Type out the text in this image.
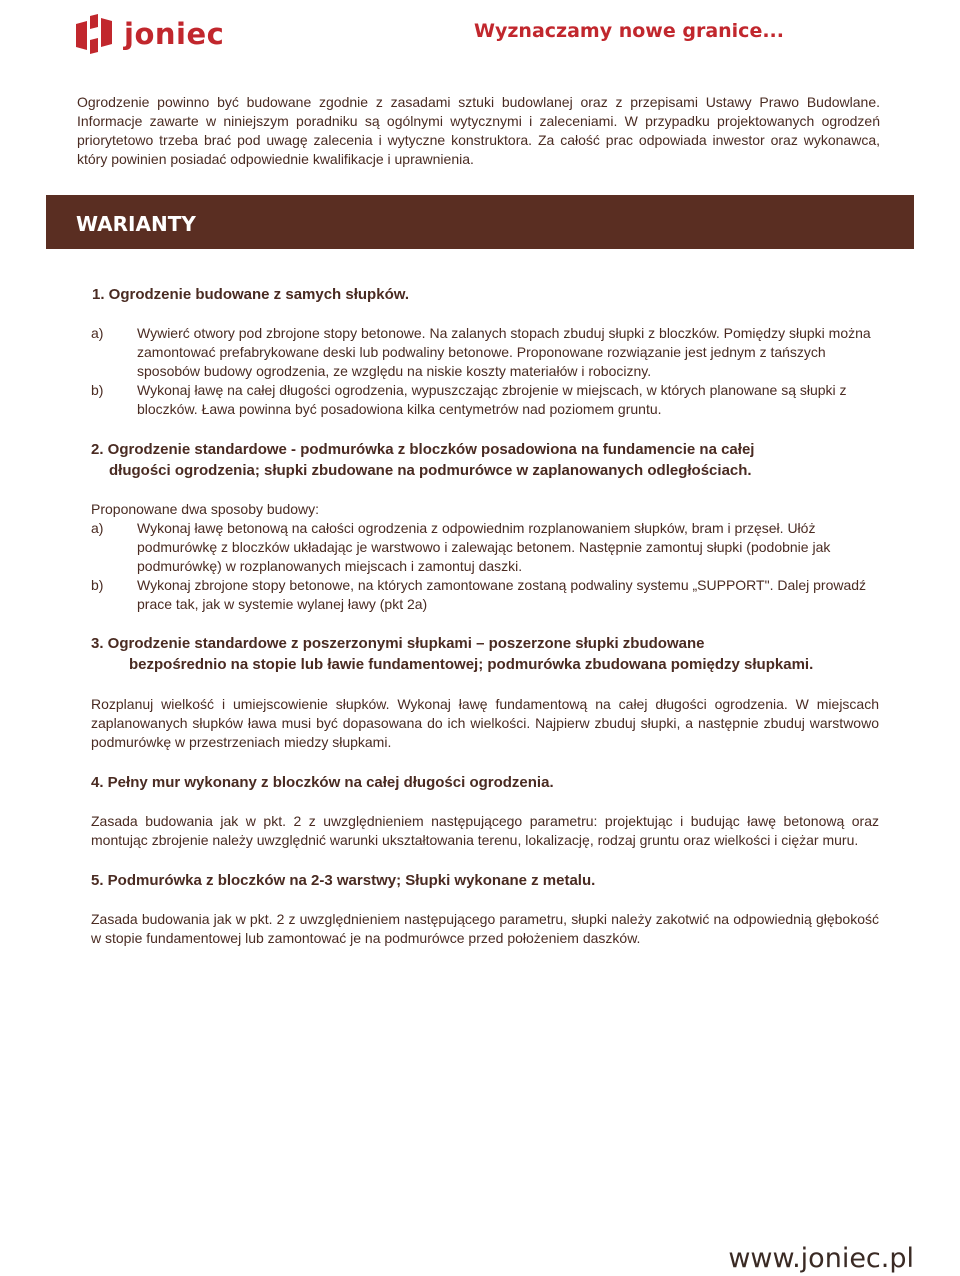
joniec	Wyznaczamy nowe granice...

Ogrodzenie powinno być budowane zgodnie z zasadami sztuki budowlanej oraz z przepisami Ustawy Prawo Budowlane. Informacje zawarte w niniejszym poradniku są ogólnymi wytycznymi i zaleceniami. W przypadku projektowanych ogrodzeń priorytetowo trzeba brać pod uwagę zalecenia i wytyczne konstruktora. Za całość prac odpowiada inwestor oraz wykonawca, który powinien posiadać odpowiednie kwalifikacje i uprawnienia.

WARIANTY
1. Ogrodzenie budowane z samych słupków.
a)	Wywierć otwory pod zbrojone stopy betonowe. Na zalanych stopach zbuduj słupki z bloczków. Pomiędzy słupki można zamontować prefabrykowane deski lub podwaliny betonowe. Proponowane rozwiązanie jest jednym z tańszych sposobów budowy ogrodzenia, ze względu na niskie koszty materiałów i robocizny.
b)	Wykonaj ławę na całej długości ogrodzenia, wypuszczając zbrojenie w miejscach, w których planowane są słupki z bloczków. Ława powinna być posadowiona kilka centymetrów nad poziomem gruntu.
2. Ogrodzenie standardowe - podmurówka z bloczków posadowiona na fundamencie na całej
długości ogrodzenia; słupki zbudowane na podmurówce w zaplanowanych odległościach.

Proponowane dwa sposoby budowy:

a)	Wykonaj ławę betonową na całości ogrodzenia z odpowiednim rozplanowaniem słupków, bram i przęseł. Ułóż podmurówkę z bloczków układając je warstwowo i zalewając betonem. Następnie zamontuj słupki (podobnie jak podmurówkę) w rozplanowanych miejscach i zamontuj daszki.
b)	Wykonaj zbrojone stopy betonowe, na których zamontowane zostaną podwaliny systemu „SUPPORT". Dalej prowadź prace tak, jak w systemie wylanej ławy (pkt 2a)
3. Ogrodzenie standardowe z poszerzonymi słupkami – poszerzone słupki zbudowane
bezpośrednio na stopie lub ławie fundamentowej; podmurówka zbudowana pomiędzy słupkami.

Rozplanuj wielkość i umiejscowienie słupków. Wykonaj ławę fundamentową na całej długości ogrodzenia. W miejscach zaplanowanych słupków ława musi być dopasowana do ich wielkości. Najpierw zbuduj słupki, a następnie zbuduj warstwowo podmurówkę w przestrzeniach miedzy słupkami.

4. Pełny mur wykonany z bloczków na całej długości ogrodzenia.

Zasada budowania jak w pkt. 2 z uwzględnieniem następującego parametru: projektując i budując ławę betonową oraz montując zbrojenie należy uwzględnić warunki ukształtowania terenu, lokalizację, rodzaj gruntu oraz wielkości i ciężar muru.

5. Podmurówka z bloczków na 2-3 warstwy; Słupki wykonane z metalu.

Zasada budowania jak w pkt. 2 z uwzględnieniem następującego parametru, słupki należy zakotwić na odpowiednią głębokość w stopie fundamentowej lub zamontować je na podmurówce przed położeniem daszków.

www.joniec.pl
